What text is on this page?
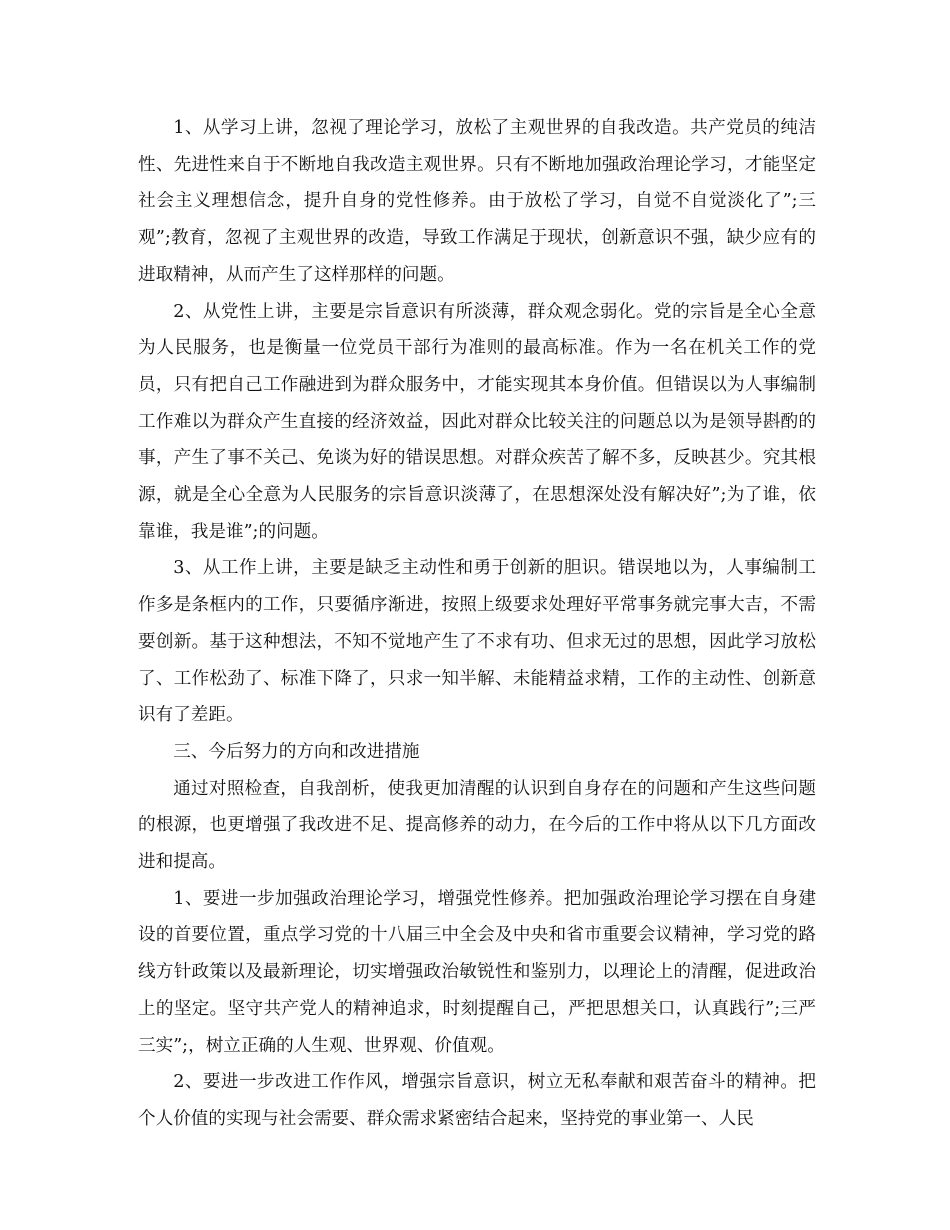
1、从学习上讲，忽视了理论学习，放松了主观世界的自我改造。共产党员的纯洁性、先进性来自于不断地自我改造主观世界。只有不断地加强政治理论学习，才能坚定社会主义理想信念，提升自身的党性修养。由于放松了学习，自觉不自觉淡化了”;三观”;教育，忽视了主观世界的改造，导致工作满足于现状，创新意识不强，缺少应有的进取精神，从而产生了这样那样的问题。

2、从党性上讲，主要是宗旨意识有所淡薄，群众观念弱化。党的宗旨是全心全意为人民服务，也是衡量一位党员干部行为准则的最高标准。作为一名在机关工作的党员，只有把自己工作融进到为群众服务中，才能实现其本身价值。但错误以为人事编制工作难以为群众产生直接的经济效益，因此对群众比较关注的问题总以为是领导斟酌的事，产生了事不关己、免谈为好的错误思想。对群众疾苦了解不多，反映甚少。究其根源，就是全心全意为人民服务的宗旨意识淡薄了，在思想深处没有解决好”;为了谁，依靠谁，我是谁”;的问题。

3、从工作上讲，主要是缺乏主动性和勇于创新的胆识。错误地以为，人事编制工作多是条框内的工作，只要循序渐进，按照上级要求处理好平常事务就完事大吉，不需要创新。基于这种想法，不知不觉地产生了不求有功、但求无过的思想，因此学习放松了、工作松劲了、标准下降了，只求一知半解、未能精益求精，工作的主动性、创新意识有了差距。

三、今后努力的方向和改进措施

通过对照检查，自我剖析，使我更加清醒的认识到自身存在的问题和产生这些问题的根源，也更增强了我改进不足、提高修养的动力，在今后的工作中将从以下几方面改进和提高。

1、要进一步加强政治理论学习，增强党性修养。把加强政治理论学习摆在自身建设的首要位置，重点学习党的十八届三中全会及中央和省市重要会议精神，学习党的路线方针政策以及最新理论，切实增强政治敏锐性和鉴别力，以理论上的清醒，促进政治上的坚定。坚守共产党人的精神追求，时刻提醒自己，严把思想关口，认真践行”;三严三实”;，树立正确的人生观、世界观、价值观。

2、要进一步改进工作作风，增强宗旨意识，树立无私奉献和艰苦奋斗的精神。把个人价值的实现与社会需要、群众需求紧密结合起来，坚持党的事业第一、人民
